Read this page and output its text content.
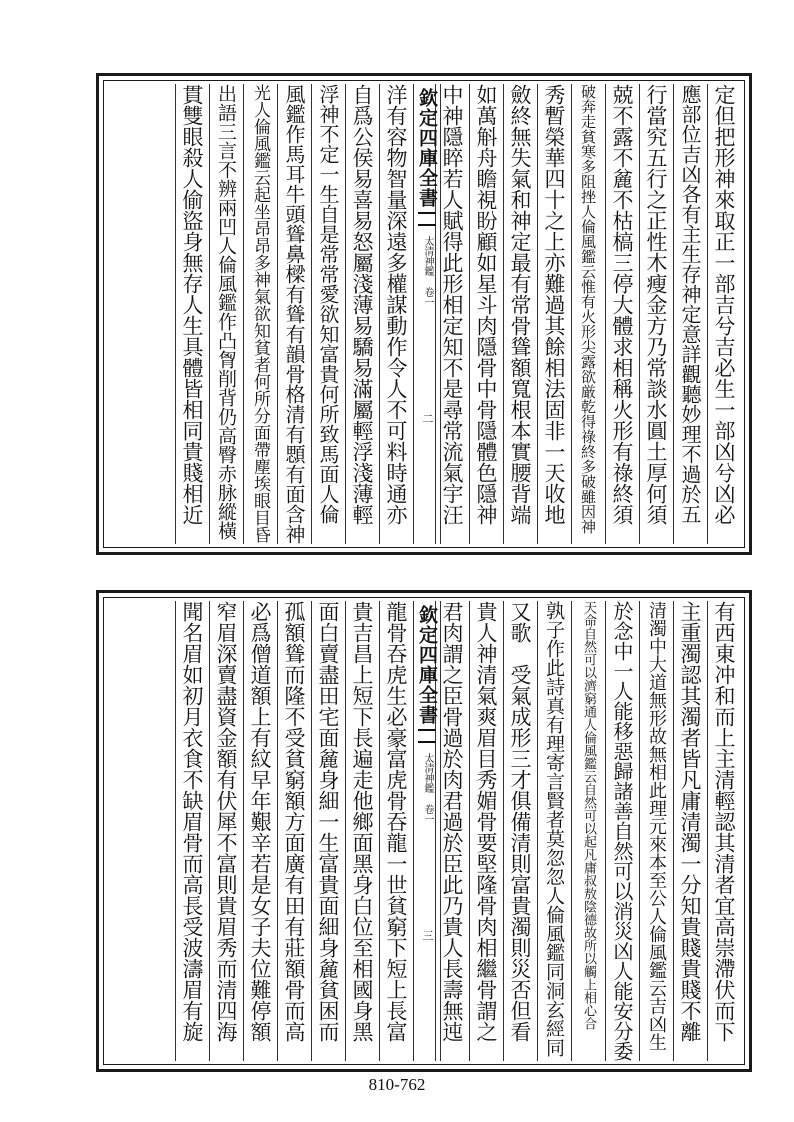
定但把形神來取正一部吉兮吉必生一部凶兮凶必
應部位吉凶各有主生存神定意詳觀聽妙理不過於五
行當究五行之正性木瘦金方乃常談水圓土厚何須
兢不露不麄不枯槁三停大體求相稱火形有祿終須
破奔走貧寒多阻挫人倫風鑑云惟有火形尖露欲厳乾得祿終多破雖因神
秀暫榮華四十之上亦難過其餘相法固非一天收地
斂終無失氣和神定最有常骨聳額寬根本實腰背端
如萬斛舟瞻視盼顧如星斗肉隱骨中骨隱體色隱神
中神隱睟若人賦得此形相定知不是尋常流氣宇汪
欽定四庫全書
太清神鑑 卷一
二
洋有容物智量深遠多權謀動作令人不可料時通亦
自爲公侯易喜易怒屬淺薄易驕易滿屬輕浮淺薄輕
浮神不定一生自是常常愛欲知富貴何所致馬面人倫
風鑑作馬耳牛頭聳鼻樑有聳有韻骨格清有顋有面含神
光人倫風鑑云起坐昂昂多神氣欲知貧者何所分面帶塵埃眼目昏
出語三言不辨兩凹人倫風鑑作凸胷削背仍高臀赤脉縱橫
貫雙眼殺人偷盜身無存人生具體皆相同貴賤相近
有西東冲和而上主清輕認其清者宜高崇滯伏而下
主重濁認其濁者皆凡庸清濁一分知貴賤貴賤不離
清濁中大道無形故無相此理元來本至公人倫風鑑云吉凶生
於念中一人能移惡歸諸善自然可以消災凶人能安分委
天命自然可以濟窮通人倫風鑑云自然可以起凡庸叔敖陰德故所以觸上相心合
孰子作此詩真有理寄言賢者莫忽忽人倫風鑑同洞玄經同
又歌　受氣成形三才俱備清則富貴濁則災否但看
貴人神清氣爽眉目秀媚骨要堅隆骨肉相繼骨謂之
君肉謂之臣骨過於肉君過於臣此乃貴人長壽無迍
欽定四庫全書
太清神鑑 卷一
三
龍骨吞虎生必豪富虎骨吞龍一世貧窮下短上長富
貴吉昌上短下長遍走他鄉面黑身白位至相國身黑
面白賣盡田宅面麄身細一生富貴面細身麄貧困而
孤額聳而隆不受貧窮額方面廣有田有莊額骨而高
必爲僧道額上有紋早年艱辛若是女子夫位難停額
窄眉深賣盡資金額有伏犀不富則貴眉秀而清四海
聞名眉如初月衣食不缺眉骨而高長受波濤眉有旋
810-762
